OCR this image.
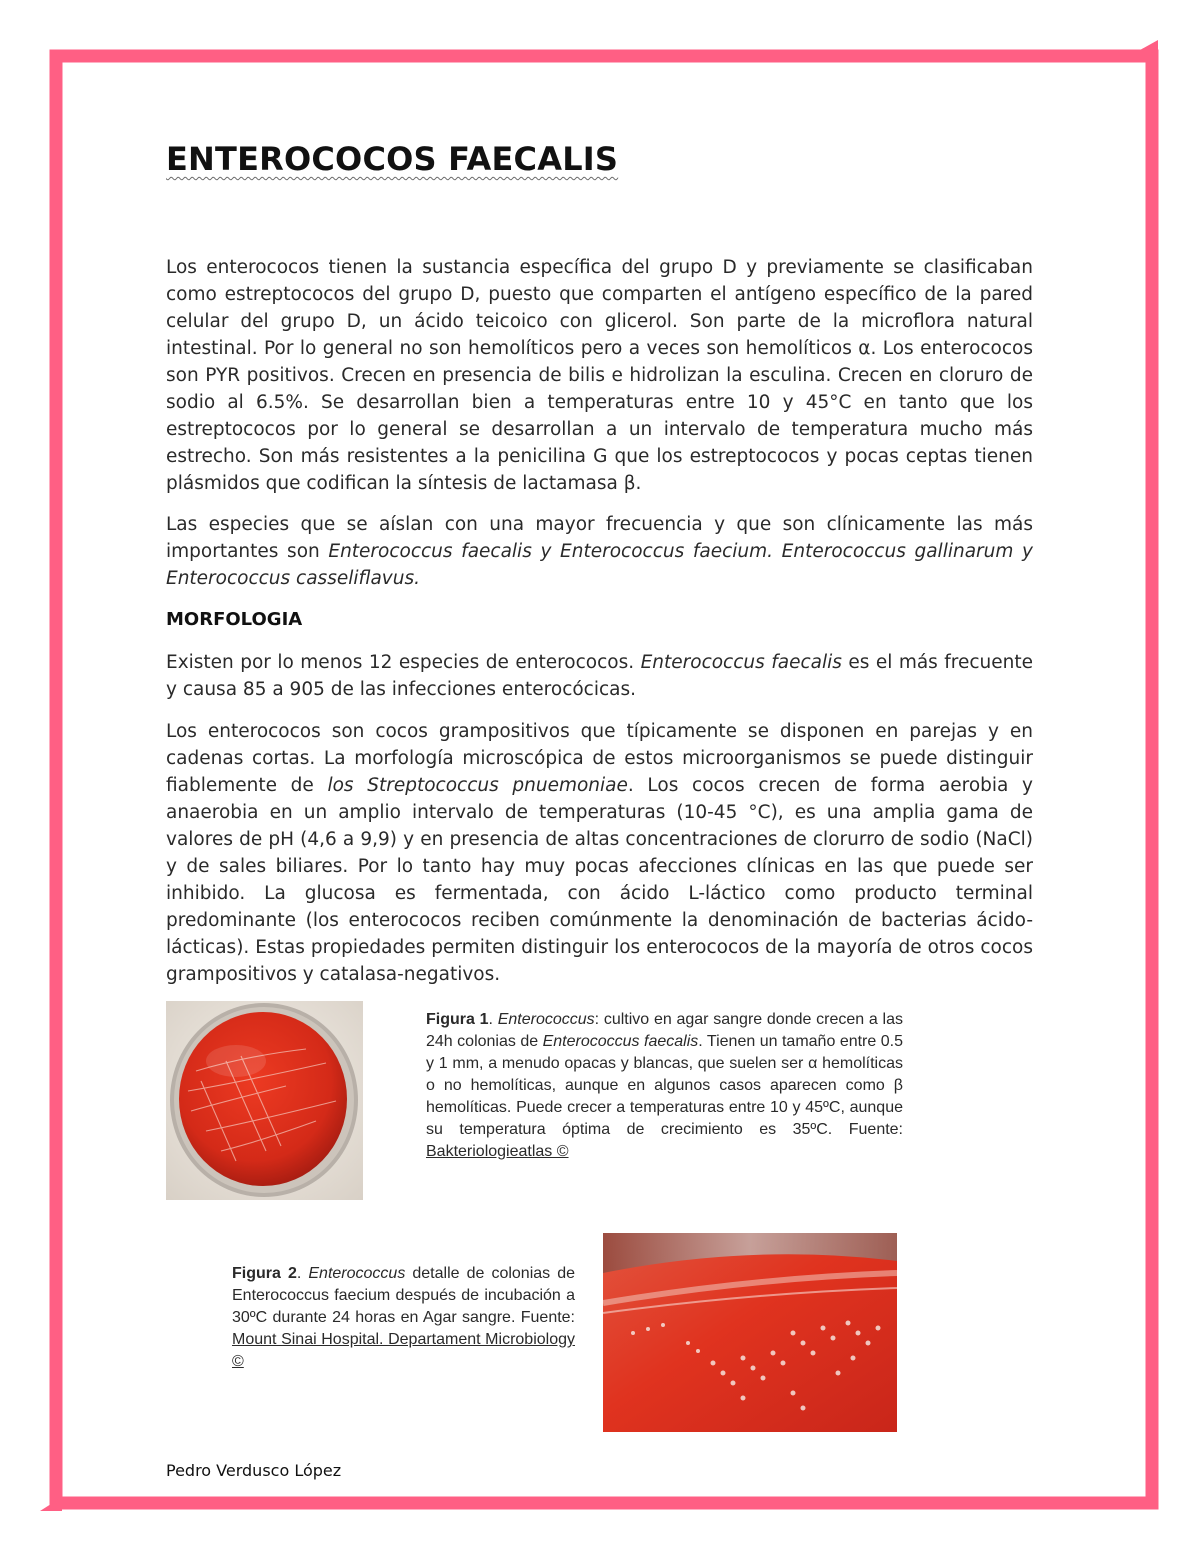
ENTEROCOCOS FAECALIS

Los enterococos tienen la sustancia específica del grupo D y previamente se clasificaban como estreptococos del grupo D, puesto que comparten el antígeno específico de la pared celular del grupo D, un ácido teicoico con glicerol. Son parte de la microflora natural intestinal. Por lo general no son hemolíticos pero a veces son hemolíticos α. Los enterococos son PYR positivos. Crecen en presencia de bilis e hidrolizan la esculina. Crecen en cloruro de sodio al 6.5%. Se desarrollan bien a temperaturas entre 10 y 45°C en tanto que los estreptococos por lo general se desarrollan a un intervalo de temperatura mucho más estrecho. Son más resistentes a la penicilina G que los estreptococos y pocas ceptas tienen plásmidos que codifican la síntesis de lactamasa β.

Las especies que se aíslan con una mayor frecuencia y que son clínicamente las más importantes son Enterococcus faecalis y Enterococcus faecium. Enterococcus gallinarum y Enterococcus casseliflavus.

MORFOLOGIA

Existen por lo menos 12 especies de enterococos. Enterococcus faecalis es el más frecuente y causa 85 a 905 de las infecciones enterocócicas.

Los enterococos son cocos grampositivos que típicamente se disponen en parejas y en cadenas cortas. La morfología microscópica de estos microorganismos se puede distinguir fiablemente de los Streptococcus pnuemoniae. Los cocos crecen de forma aerobia y anaerobia en un amplio intervalo de temperaturas (10-45 °C), es una amplia gama de valores de pH (4,6 a 9,9) y en presencia de altas concentraciones de clorurro de sodio (NaCl) y de sales biliares. Por lo tanto hay muy pocas afecciones clínicas en las que puede ser inhibido. La glucosa es fermentada, con ácido L-láctico como producto terminal predominante (los enterococos reciben comúnmente la denominación de bacterias ácido-lácticas). Estas propiedades permiten distinguir los enterococos de la mayoría de otros cocos grampositivos y catalasa-negativos.

Figura 1. Enterococcus: cultivo en agar sangre donde crecen a las 24h colonias de Enterococcus faecalis. Tienen un tamaño entre 0.5 y 1 mm, a menudo opacas y blancas, que suelen ser α hemolíticas o no hemolíticas, aunque en algunos casos aparecen como β hemolíticas. Puede crecer a temperaturas entre 10 y 45ºC, aunque su temperatura óptima de crecimiento es 35ºC. Fuente: Bakteriologieatlas ©
Figura 2. Enterococcus detalle de colonias de Enterococcus faecium después de incubación a 30ºC durante 24 horas en Agar sangre. Fuente: Mount Sinai Hospital. Departament Microbiology ©
Pedro Verdusco López
